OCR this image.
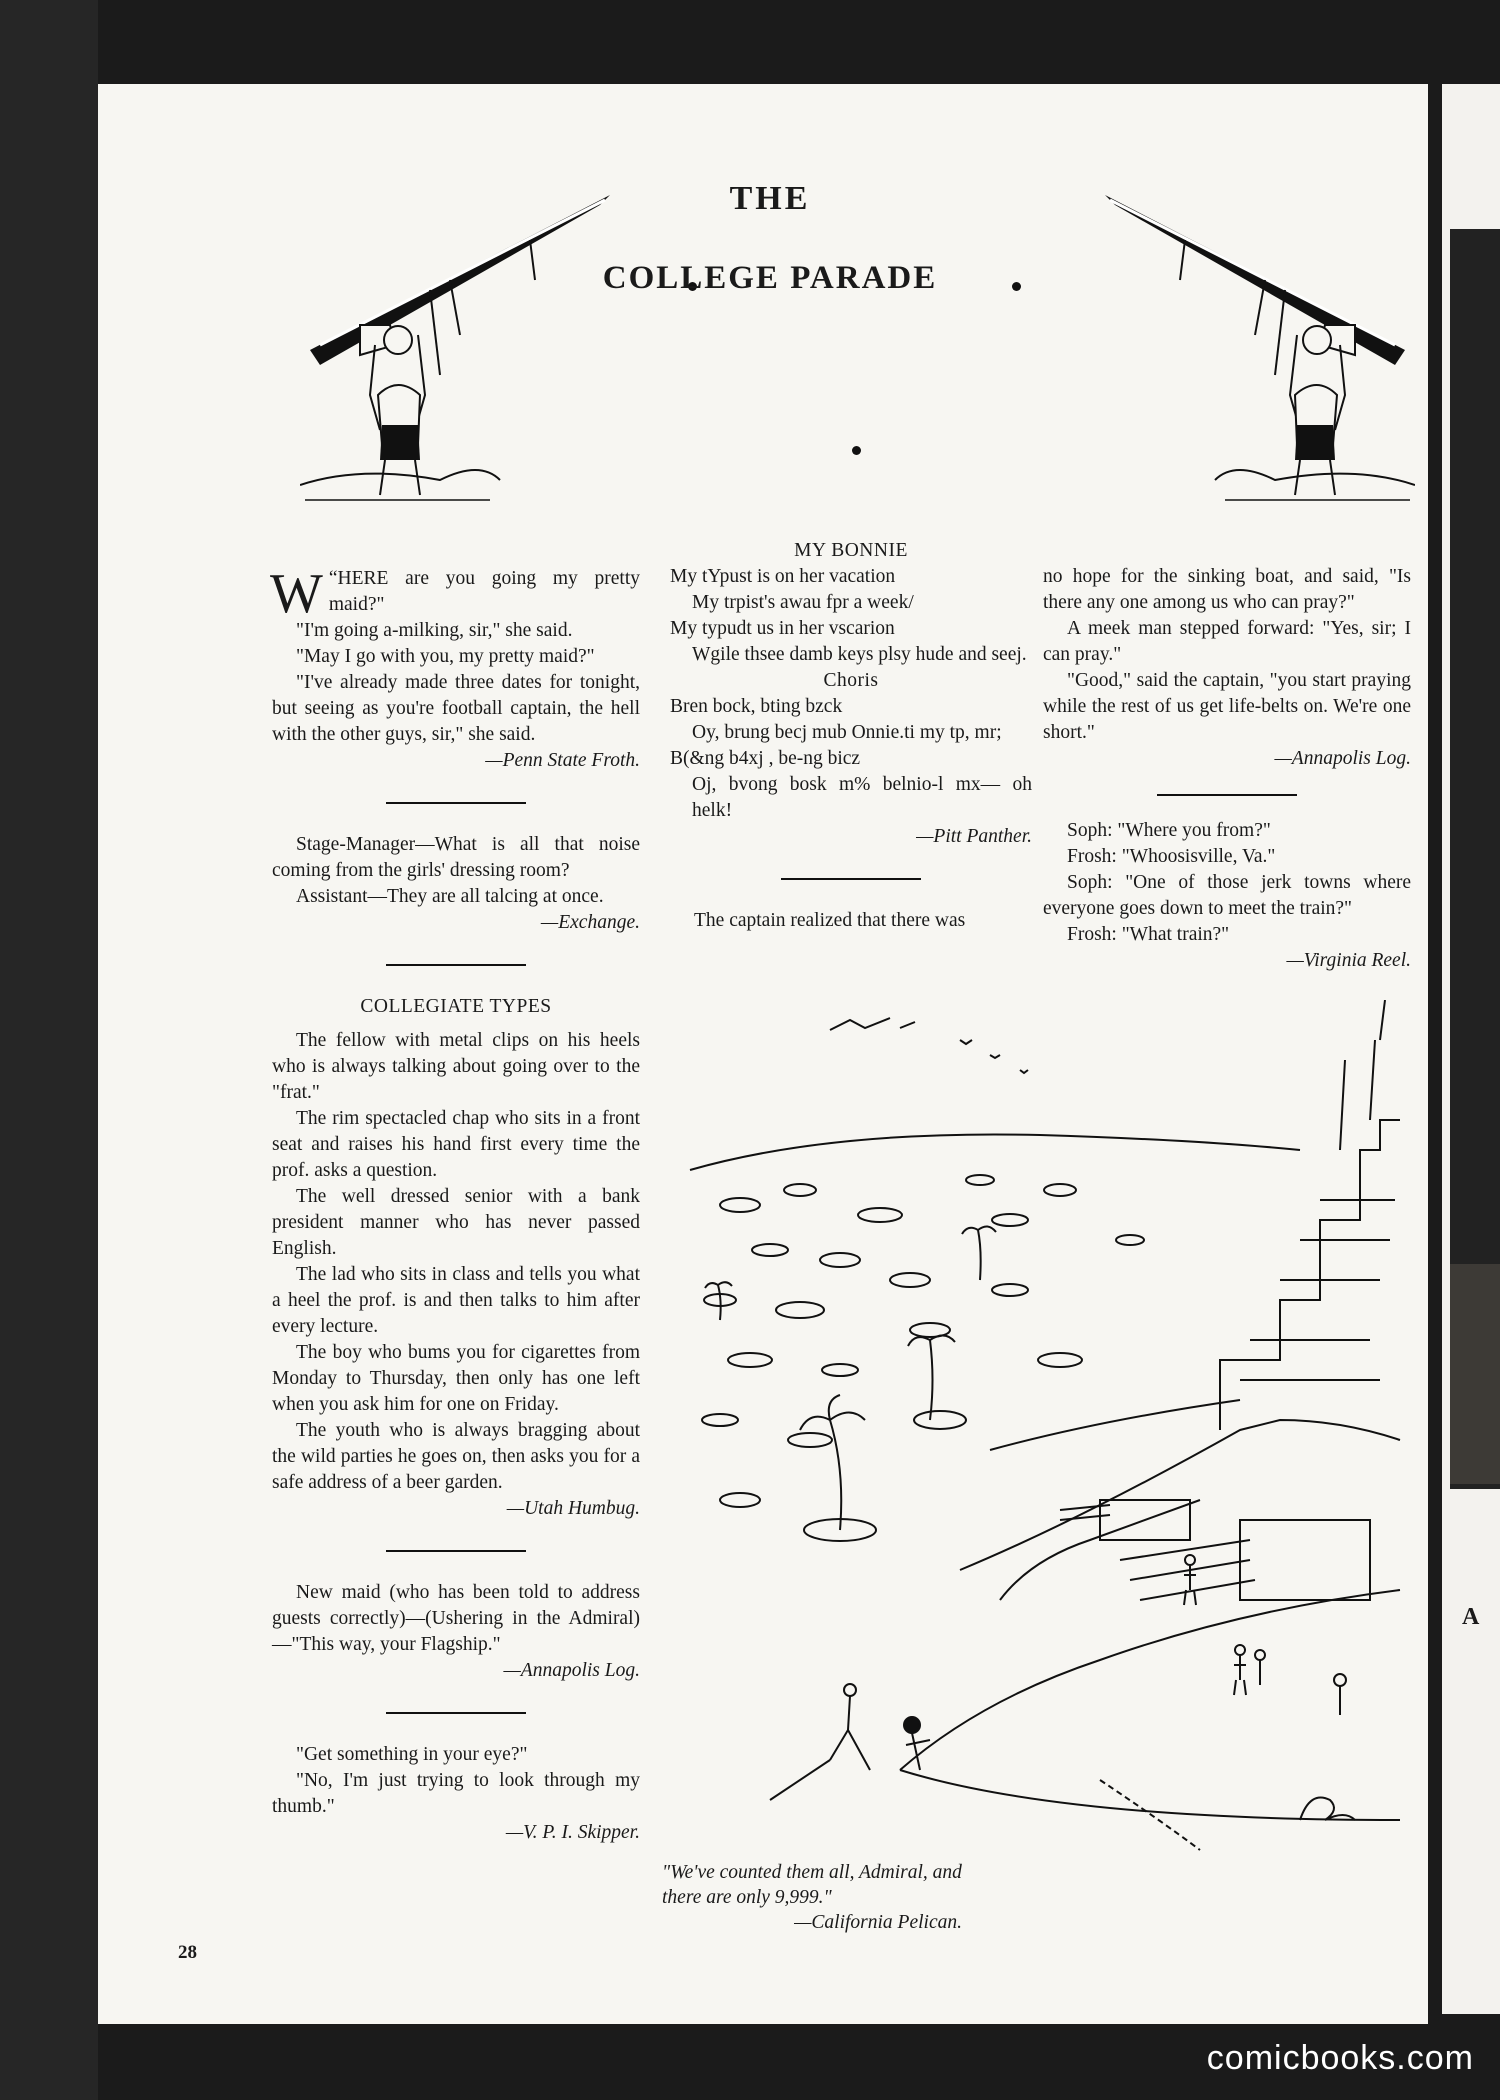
A
THE
COLLEGE PARADE

“
W HERE are you going my pretty maid?"

"I'm going a-milking, sir," she said.

"May I go with you, my pretty maid?"

"I've already made three dates for tonight, but seeing as you're football captain, the hell with the other guys, sir," she said.

—Penn State Froth.

Stage-Manager—What is all that noise coming from the girls' dressing room?

Assistant—They are all talcing at once.

—Exchange.

COLLEGIATE TYPES

The fellow with metal clips on his heels who is always talking about going over to the "frat."

The rim spectacled chap who sits in a front seat and raises his hand first every time the prof. asks a question.

The well dressed senior with a bank president manner who has never passed English.

The lad who sits in class and tells you what a heel the prof. is and then talks to him after every lecture.

The boy who bums you for cigarettes from Monday to Thursday, then only has one left when you ask him for one on Friday.

The youth who is always bragging about the wild parties he goes on, then asks you for a safe address of a beer garden.

—Utah Humbug.

New maid (who has been told to address guests correctly)—(Ushering in the Admiral)—"This way, your Flagship."

—Annapolis Log.

"Get something in your eye?"

"No, I'm just trying to look through my thumb."

—V. P. I. Skipper.

MY BONNIE

My tYpust is on her vacation

My trpist's awau fpr a week/

My typudt us in her vscarion

Wgile thsee damb keys plsy hude and seej.

Choris

Bren bock, bting bzck

Oy, brung becj mub Onnie.ti my tp, mr;

B(&ng b4xj , be-ng bicz

Oj, bvong bosk m% belnio-l mx— oh helk!

—Pitt Panther.

The captain realized that there was

no hope for the sinking boat, and said, "Is there any one among us who can pray?"

A meek man stepped forward: "Yes, sir; I can pray."

"Good," said the captain, "you start praying while the rest of us get life-belts on. We're one short."

—Annapolis Log.

Soph: "Where you from?"

Frosh: "Whoosisville, Va."

Soph: "One of those jerk towns where everyone goes down to meet the train?"

Frosh: "What train?"

—Virginia Reel.

"We've counted them all, Admiral, and there are only 9,999."
—California Pelican.
28
comicbooks.com
